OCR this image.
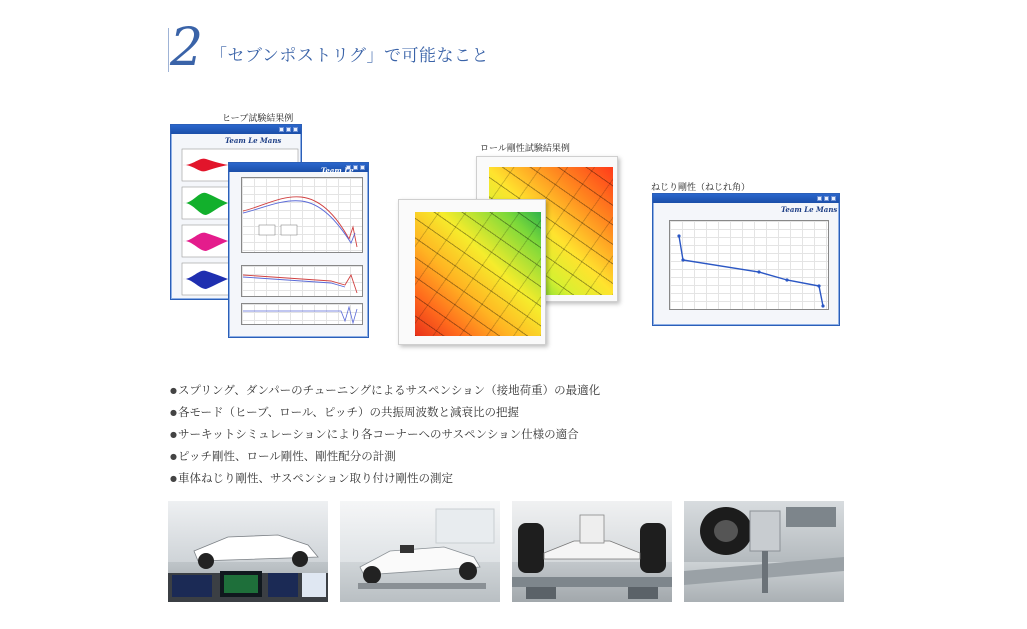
2 「セブンポストリグ」で可能なこと
ヒーブ試験結果例

Team Le Mans

Team Le
ロール剛性試験結果例
ねじり剛性（ねじれ角）

Team Le Mans
● スプリング、ダンパーのチューニングによるサスペンション（接地荷重）の最適化
● 各モード（ヒーブ、ロール、ピッチ）の共振周波数と減衰比の把握
● サーキットシミュレーションにより各コーナーへのサスペンション仕様の適合
● ピッチ剛性、ロール剛性、剛性配分の計測
● 車体ねじり剛性、サスペンション取り付け剛性の測定
